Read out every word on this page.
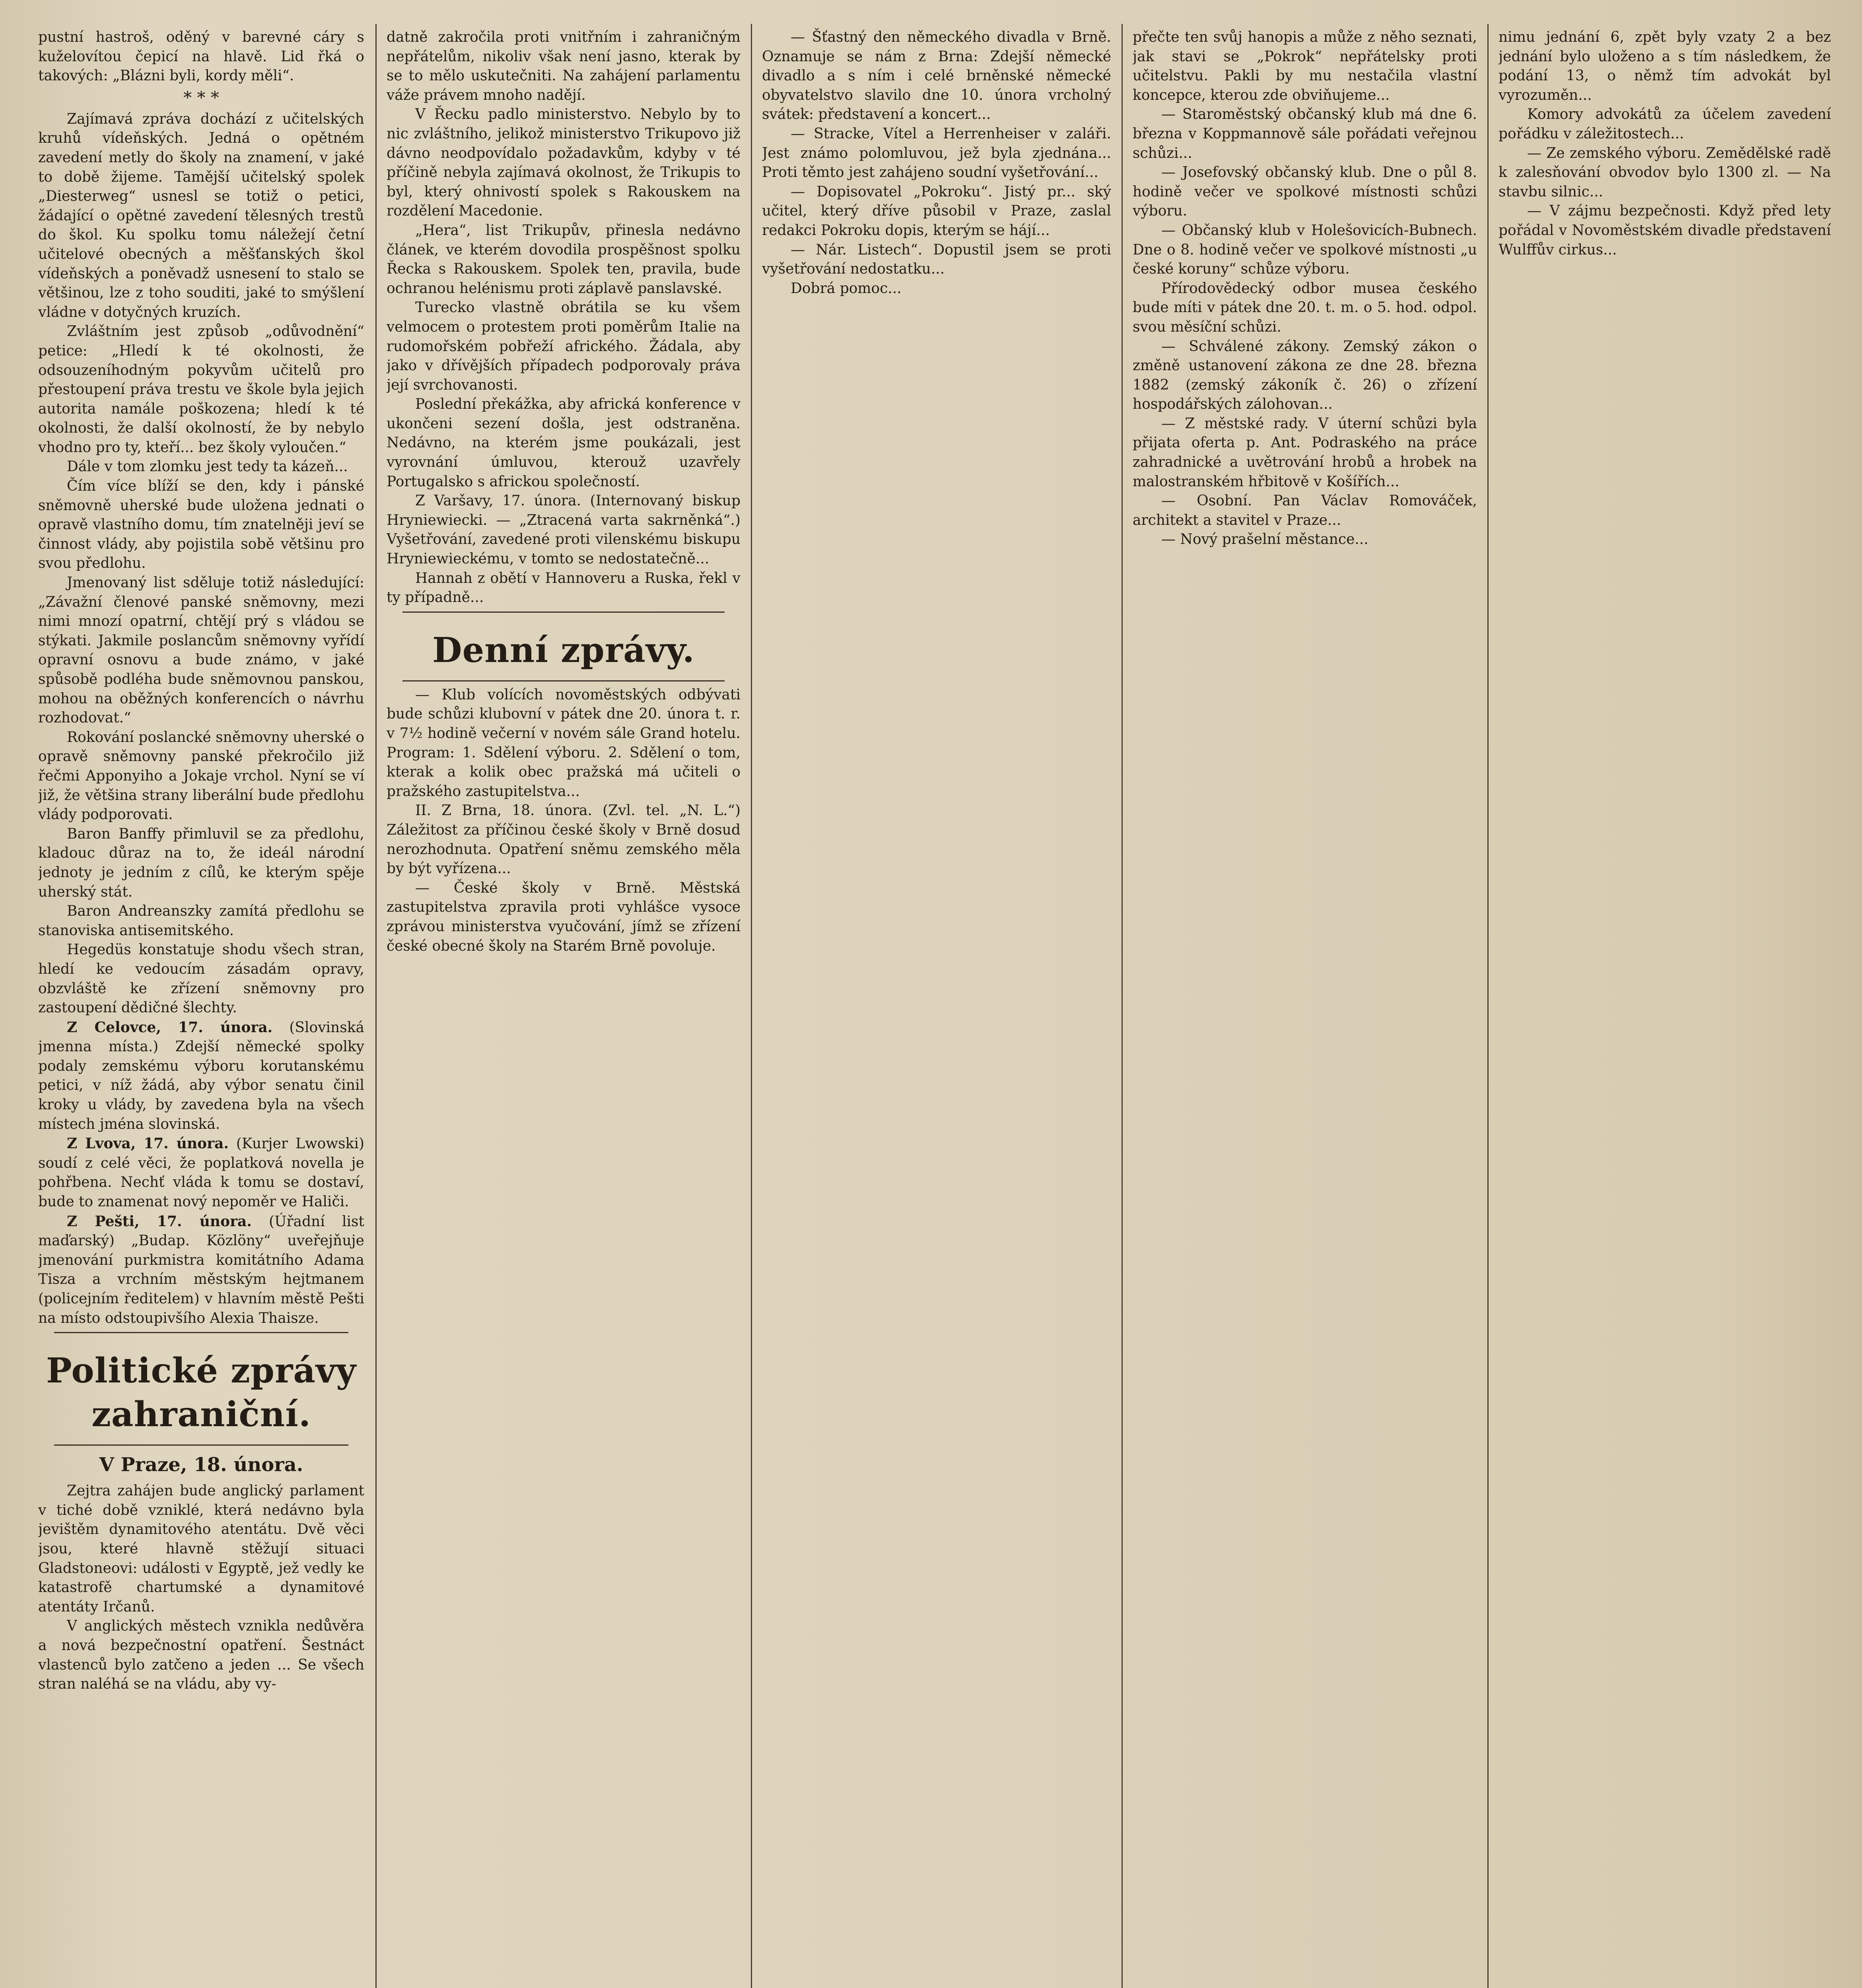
pustní hastroš, oděný v barevné cáry s kuželovítou čepicí na hlavě. Lid řká o takových: „Blázni byli, kordy měli“.

* * *

Zajímavá zpráva dochází z učitelských kruhů vídeňských. Jedná o opětném zavedení metly do školy na znamení, v jaké to době žijeme. Tamější učitelský spolek „Diesterweg“ usnesl se totiž o petici, žádající o opětné zavedení tělesných trestů do škol. Ku spolku tomu náležejí četní učitelové obecných a měšťanských škol vídeňských a poněvadž usnesení to stalo se většinou, lze z toho souditi, jaké to smýšlení vládne v dotyčných kruzích.

Zvláštním jest způsob „odůvodnění“ petice: „Hledí k té okolnosti, že odsouzeníhodným pokyvům učitelů pro přestoupení práva trestu ve škole byla jejich autorita namále poškozena; hledí k té okolnosti, že další okolností, že by nebylo vhodno pro ty, kteří... bez školy vyloučen.“

Dále v tom zlomku jest tedy ta kázeň...

Čím více blíží se den, kdy i pánské sněmovně uherské bude uložena jednati o opravě vlastního domu, tím znatelněji jeví se činnost vlády, aby pojistila sobě většinu pro svou předlohu.

Jmenovaný list sděluje totiž následující: „Závažní členové panské sněmovny, mezi nimi mnozí opatrní, chtějí prý s vládou se stýkati. Jakmile poslancům sněmovny vyřídí opravní osnovu a bude známo, v jaké spůsobě podléha bude sněmovnou panskou, mohou na oběžných konferencích o návrhu rozhodovat.“

Rokování poslancké sněmovny uherské o opravě sněmovny panské překročilo již řečmi Apponyiho a Jokaje vrchol. Nyní se ví již, že většina strany liberální bude předlohu vlády podporovati.

Baron Banffy přimluvil se za předlohu, kladouc důraz na to, že ideál národní jednoty je jedním z cílů, ke kterým spěje uherský stát.

Baron Andreanszky zamítá předlohu se stanoviska antisemitského.

Hegedüs konstatuje shodu všech stran, hledí ke vedoucím zásadám opravy, obzvláště ke zřízení sněmovny pro zastoupení dědičné šlechty.

Z Celovce, 17. února. (Slovinská jmenna místa.) Zdejší německé spolky podaly zemskému výboru korutanskému petici, v níž žádá, aby výbor senatu činil kroky u vlády, by zavedena byla na všech místech jména slovinská.

Z Lvova, 17. února. (Kurjer Lwowski) soudí z celé věci, že poplatková novella je pohřbena. Nechť vláda k tomu se dostaví, bude to znamenat nový nepoměr ve Haliči.

Z Pešti, 17. února. (Úřadní list maďarský) „Budap. Közlöny“ uveřejňuje jmenování purkmistra komitátního Adama Tisza a vrchním městským hejtmanem (policejním ředitelem) v hlavním městě Pešti na místo odstoupivšího Alexia Thaisze.

Politické zprávy zahraniční.
V Praze, 18. února.

Zejtra zahájen bude anglický parlament v tiché době vzniklé, která nedávno byla jevištěm dynamitového atentátu. Dvě věci jsou, které hlavně stěžují situaci Gladstoneovi: události v Egyptě, jež vedly ke katastrofě chartumské a dynamitové atentáty Irčanů.

V anglických městech vznikla nedůvěra a nová bezpečnostní opatření. Šestnáct vlastenců bylo zatčeno a jeden ... Se všech stran naléhá se na vládu, aby vy-

datně zakročila proti vnitřním i zahraničným nepřátelům, nikoliv však není jasno, kterak by se to mělo uskutečniti. Na zahájení parlamentu váže právem mnoho nadějí.

V Řecku padlo ministerstvo. Nebylo by to nic zvláštního, jelikož ministerstvo Trikupovo již dávno neodpovídalo požadavkům, kdyby v té příčině nebyla zajímavá okolnost, že Trikupis to byl, který ohnivostí spolek s Rakouskem na rozdělení Macedonie.

„Hera“, list Trikupův, přinesla nedávno článek, ve kterém dovodila prospěšnost spolku Řecka s Rakouskem. Spolek ten, pravila, bude ochranou helénismu proti záplavě panslavské.

Turecko vlastně obrátila se ku všem velmocem o protestem proti poměrům Italie na rudomořském pobřeží afrického. Žádala, aby jako v dřívějších případech podporovaly práva její svrchovanosti.

Poslední překážka, aby africká konference v ukončeni sezení došla, jest odstraněna. Nedávno, na kterém jsme poukázali, jest vyrovnání úmluvou, kterouž uzavřely Portugalsko s africkou společností.

Z Varšavy, 17. února. (Internovaný biskup Hryniewiecki. — „Ztracená varta sakrněnká“.) Vyšetřování, zavedené proti vilenskému biskupu Hryniewieckému, v tomto se nedostatečně...

Hannah z obětí v Hannoveru a Ruska, řekl v ty případně...

Denní zprávy.

— Klub volících novoměstských odbývati bude schůzi klubovní v pátek dne 20. února t. r. v 7½ hodině večerní v novém sále Grand hotelu. Program: 1. Sdělení výboru. 2. Sdělení o tom, kterak a kolik obec pražská má učiteli o pražského zastupitelstva...

II. Z Brna, 18. února. (Zvl. tel. „N. L.“) Záležitost za příčinou české školy v Brně dosud nerozhodnuta. Opatření sněmu zemského měla by být vyřízena...

— České školy v Brně. Městská zastupitelstva zpravila proti vyhlášce vysoce zprávou ministerstva vyučování, jímž se zřízení české obecné školy na Starém Brně povoluje.

— Šťastný den německého divadla v Brně. Oznamuje se nám z Brna: Zdejší německé divadlo a s ním i celé brněnské německé obyvatelstvo slavilo dne 10. února vrcholný svátek: představení a koncert...

— Stracke, Vítel a Herrenheiser v zaláři. Jest známo polomluvou, jež byla zjednána... Proti těmto jest zahájeno soudní vyšetřování...

— Dopisovatel „Pokroku“. Jistý pr... ský učitel, který dříve působil v Praze, zaslal redakci Pokroku dopis, kterým se hájí...

— Nár. Listech“. Dopustil jsem se proti vyšetřování nedostatku...

Dobrá pomoc...

přečte ten svůj hanopis a může z něho seznati, jak stavi se „Pokrok“ nepřátelsky proti učitelstvu. Pakli by mu nestačila vlastní koncepce, kterou zde obviňujeme...

— Staroměstský občanský klub má dne 6. března v Koppmannově sále pořádati veřejnou schůzi...

— Josefovský občanský klub. Dne o půl 8. hodině večer ve spolkové místnosti schůzi výboru.

— Občanský klub v Holešovicích-Bubnech. Dne o 8. hodině večer ve spolkové místnosti „u české koruny“ schůze výboru.

Přírodovědecký odbor musea českého bude míti v pátek dne 20. t. m. o 5. hod. odpol. svou měsíční schůzi.

— Schválené zákony. Zemský zákon o změně ustanovení zákona ze dne 28. března 1882 (zemský zákoník č. 26) o zřízení hospodářských zálohovan...

— Z městské rady. V úterní schůzi byla přijata oferta p. Ant. Podraského na práce zahradnické a uvětrování hrobů a hrobek na malostranském hřbitově v Košířích...

— Osobní. Pan Václav Romováček, architekt a stavitel v Praze...

— Nový prašelní městance...

nimu jednání 6, zpět byly vzaty 2 a bez jednání bylo uloženo a s tím následkem, že podání 13, o němž tím advokát byl vyrozuměn...

Komory advokátů za účelem zavedení pořádku v záležitostech...

— Ze zemského výboru. Zemědělské radě k zalesňování obvodov bylo 1300 zl. — Na stavbu silnic...

— V zájmu bezpečnosti. Když před lety pořádal v Novoměstském divadle představení Wulffův cirkus...
